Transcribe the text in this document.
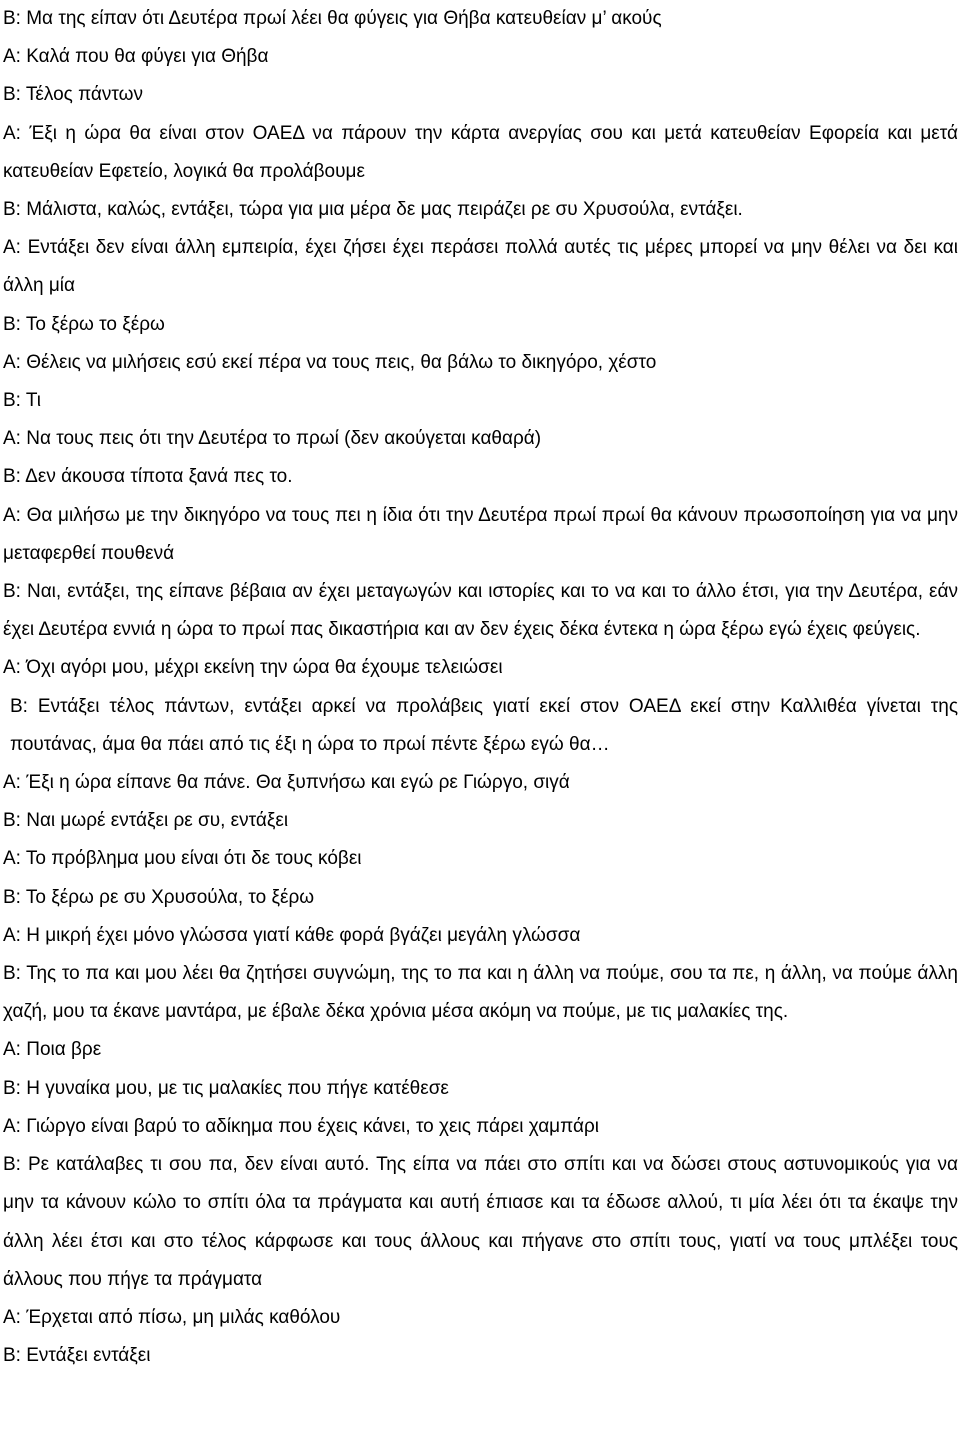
Β: Μα της είπαν ότι Δευτέρα πρωί λέει θα φύγεις για Θήβα κατευθείαν μ’ ακούς

Α: Καλά που θα φύγει για Θήβα

Β: Τέλος πάντων

Α: Έξι η ώρα θα είναι στον ΟΑΕΔ να πάρουν την κάρτα ανεργίας σου και μετά κατευθείαν Εφορεία και μετά κατευθείαν Εφετείο, λογικά θα προλάβουμε

Β: Μάλιστα, καλώς, εντάξει, τώρα για μια μέρα δε μας πειράζει ρε συ Χρυσούλα, εντάξει.

Α: Εντάξει δεν είναι άλλη εμπειρία, έχει ζήσει έχει περάσει πολλά αυτές τις μέρες μπορεί να μην θέλει να δει και άλλη μία

Β: Το ξέρω το ξέρω

Α: Θέλεις να μιλήσεις εσύ εκεί πέρα να τους πεις, θα βάλω το δικηγόρο, χέστο

Β: Τι

Α: Να τους πεις ότι την Δευτέρα το πρωί (δεν ακούγεται καθαρά)

Β: Δεν άκουσα τίποτα ξανά πες το.

Α: Θα μιλήσω με την δικηγόρο να τους πει η ίδια ότι την Δευτέρα πρωί πρωί θα κάνουν πρωσοποίηση για να μην μεταφερθεί πουθενά

Β: Ναι, εντάξει, της είπανε βέβαια αν έχει μεταγωγών και ιστορίες και το να και το άλλο έτσι, για την Δευτέρα, εάν έχει Δευτέρα εννιά η ώρα το πρωί πας δικαστήρια και αν δεν έχεις δέκα έντεκα η ώρα ξέρω εγώ έχεις φεύγεις.

Α: Όχι αγόρι μου, μέχρι εκείνη την ώρα θα έχουμε τελειώσει

Β: Εντάξει τέλος πάντων, εντάξει αρκεί να προλάβεις γιατί εκεί στον ΟΑΕΔ εκεί στην Καλλιθέα γίνεται της πουτάνας, άμα θα πάει από τις έξι η ώρα το πρωί πέντε ξέρω εγώ θα…

Α: Έξι η ώρα είπανε θα πάνε. Θα ξυπνήσω και εγώ ρε Γιώργο, σιγά

Β: Ναι μωρέ εντάξει ρε συ, εντάξει

Α: Το πρόβλημα μου είναι ότι δε τους κόβει

Β: Το ξέρω ρε συ Χρυσούλα, το ξέρω

Α: Η μικρή έχει μόνο γλώσσα γιατί κάθε φορά βγάζει μεγάλη γλώσσα

Β: Της το πα και μου λέει θα ζητήσει συγνώμη, της το πα και η άλλη να πούμε, σου τα πε, η άλλη, να πούμε άλλη χαζή, μου τα έκανε μαντάρα, με έβαλε δέκα χρόνια μέσα ακόμη να πούμε, με τις μαλακίες της.

Α: Ποια βρε

Β: Η γυναίκα μου, με τις μαλακίες που πήγε κατέθεσε

Α: Γιώργο είναι βαρύ το αδίκημα που έχεις κάνει, το χεις πάρει χαμπάρι

Β: Ρε κατάλαβες τι σου πα, δεν είναι αυτό. Της είπα να πάει στο σπίτι και να δώσει στους αστυνομικούς για να μην τα κάνουν κώλο το σπίτι όλα τα πράγματα και αυτή έπιασε και τα έδωσε αλλού, τι μία λέει ότι τα έκαψε την άλλη λέει έτσι και στο τέλος κάρφωσε και τους άλλους και πήγανε στο σπίτι τους, γιατί να τους μπλέξει τους άλλους που πήγε τα πράγματα

Α: Έρχεται από πίσω, μη μιλάς καθόλου

Β: Εντάξει εντάξει
